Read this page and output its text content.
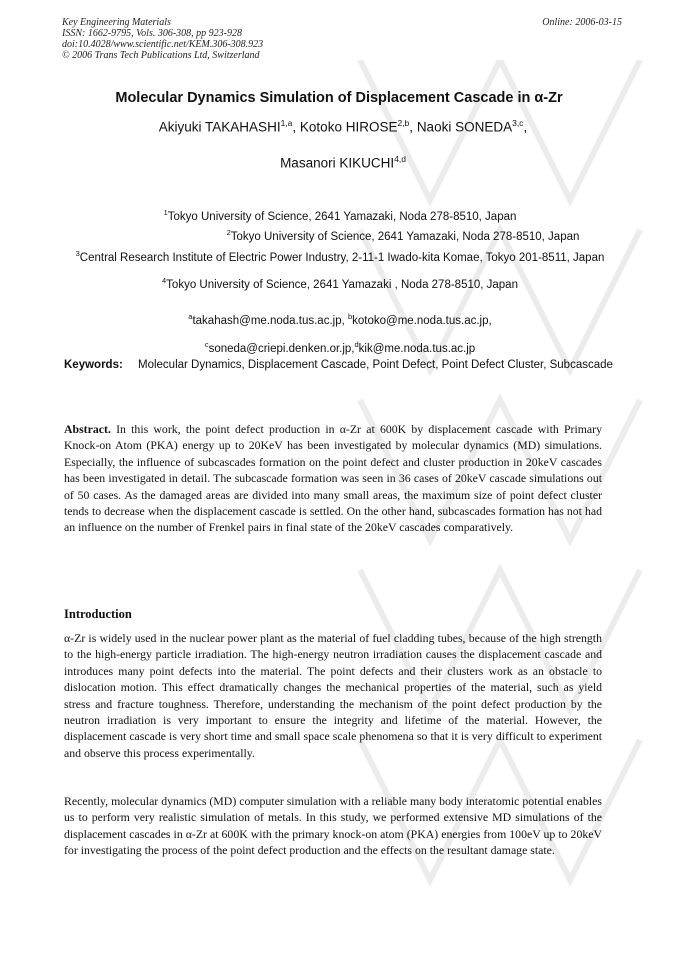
Key Engineering Materials
ISSN: 1662-9795, Vols. 306-308, pp 923-928
doi:10.4028/www.scientific.net/KEM.306-308.923
© 2006 Trans Tech Publications Ltd, Switzerland
Online: 2006-03-15
Molecular Dynamics Simulation of Displacement Cascade in α-Zr
Akiyuki TAKAHASHI$^{1,a}$, Kotoko HIROSE$^{2,b}$, Naoki SONEDA$^{3,c}$,
Masanori KIKUCHI$^{4,d}$
$^1$Tokyo University of Science, 2641 Yamazaki, Noda 278-8510, Japan
$^2$Tokyo University of Science, 2641 Yamazaki, Noda 278-8510, Japan
$^3$Central Research Institute of Electric Power Industry, 2-11-1 Iwado-kita Komae, Tokyo 201-8511, Japan
$^4$Tokyo University of Science, 2641 Yamazaki , Noda 278-8510, Japan
$^a$takahash@me.noda.tus.ac.jp, $^b$kotoko@me.noda.tus.ac.jp,
$^c$soneda@criepi.denken.or.jp,$^d$kik@me.noda.tus.ac.jp
Keywords:	Molecular Dynamics, Displacement Cascade, Point Defect, Point Defect Cluster, Subcascade
Abstract. In this work, the point defect production in α-Zr at 600K by displacement cascade with Primary Knock-on Atom (PKA) energy up to 20KeV has been investigated by molecular dynamics (MD) simulations. Especially, the influence of subcascades formation on the point defect and cluster production in 20keV cascades has been investigated in detail. The subcascade formation was seen in 36 cases of 20keV cascade simulations out of 50 cases. As the damaged areas are divided into many small areas, the maximum size of point defect cluster tends to decrease when the displacement cascade is settled. On the other hand, subcascades formation has not had an influence on the number of Frenkel pairs in final state of the 20keV cascades comparatively.
Introduction
α-Zr is widely used in the nuclear power plant as the material of fuel cladding tubes, because of the high strength to the high-energy particle irradiation. The high-energy neutron irradiation causes the displacement cascade and introduces many point defects into the material. The point defects and their clusters work as an obstacle to dislocation motion. This effect dramatically changes the mechanical properties of the material, such as yield stress and fracture toughness. Therefore, understanding the mechanism of the point defect production by the neutron irradiation is very important to ensure the integrity and lifetime of the material. However, the displacement cascade is very short time and small space scale phenomena so that it is very difficult to experiment and observe this process experimentally.
Recently, molecular dynamics (MD) computer simulation with a reliable many body interatomic potential enables us to perform very realistic simulation of metals. In this study, we performed extensive MD simulations of the displacement cascades in α-Zr at 600K with the primary knock-on atom (PKA) energies from 100eV up to 20keV for investigating the process of the point defect production and the effects on the resultant damage state.
